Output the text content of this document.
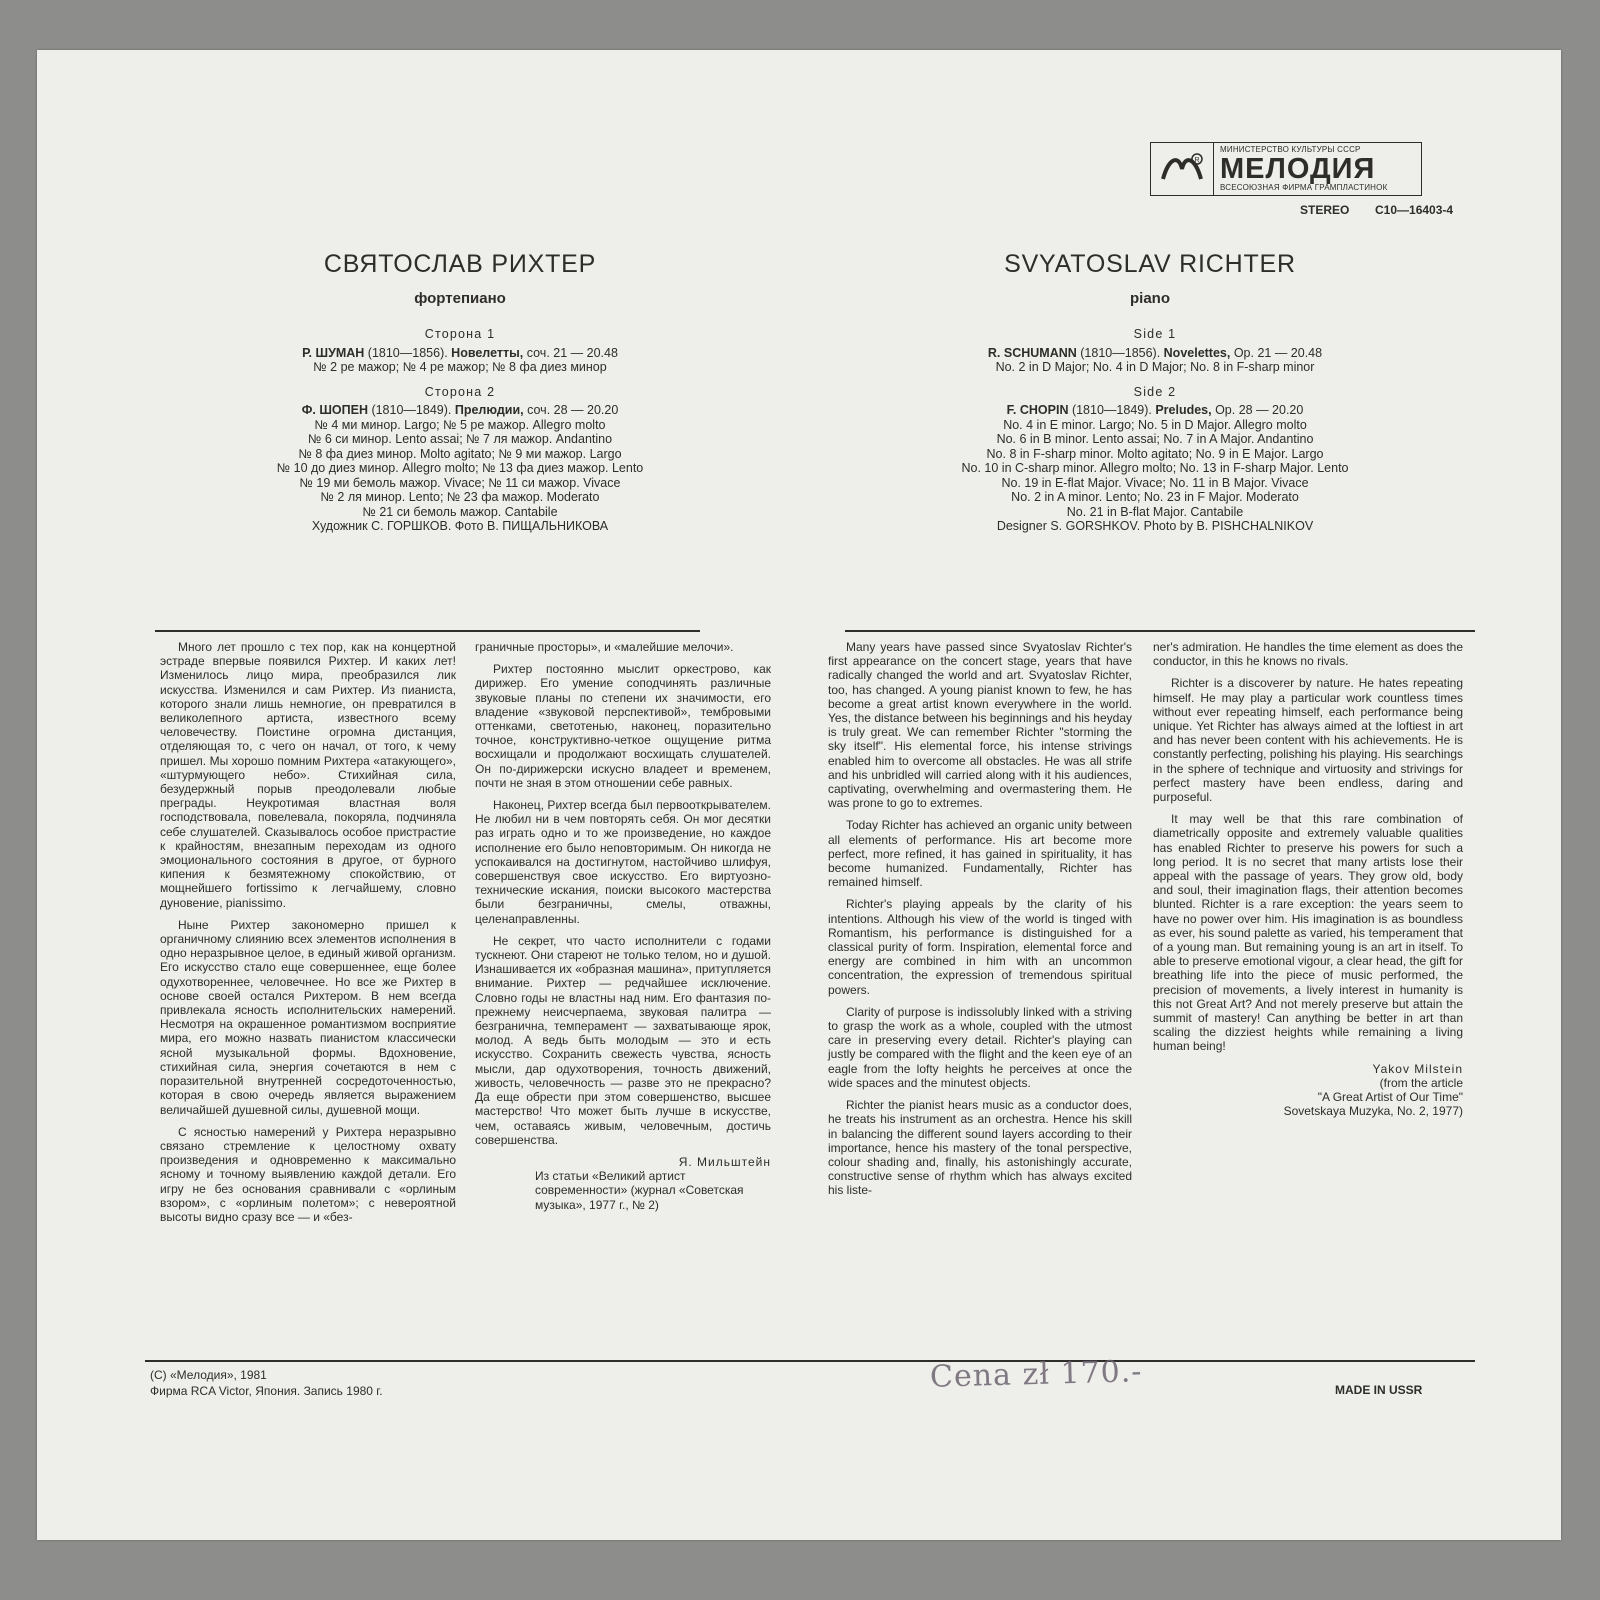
R
МИНИСТЕРСТВО КУЛЬТУРЫ СССР
МЕЛОДИЯ
ВСЕСОЮЗНАЯ ФИРМА ГРАМПЛАСТИНОК
STEREO C10—16403-4
СВЯТОСЛАВ РИХТЕР
фортепиано
Сторона 1
Р. ШУМАН (1810—1856). Новелетты, соч. 21 — 20.48
№ 2 ре мажор; № 4 ре мажор; № 8 фа диез минор
Сторона 2
Ф. ШОПЕН (1810—1849). Прелюдии, соч. 28 — 20.20
№ 4 ми минор. Largo; № 5 ре мажор. Allegro molto
№ 6 си минор. Lento assai; № 7 ля мажор. Andantino
№ 8 фа диез минор. Molto agitato; № 9 ми мажор. Largo
№ 10 до диез минор. Allegro molto; № 13 фа диез мажор. Lento
№ 19 ми бемоль мажор. Vivace; № 11 си мажор. Vivace
№ 2 ля минор. Lento; № 23 фа мажор. Moderato
№ 21 си бемоль мажор. Cantabile
Художник С. ГОРШКОВ. Фото В. ПИЩАЛЬНИКОВА
SVYATOSLAV RICHTER
piano
Side 1
R. SCHUMANN (1810—1856). Novelettes, Op. 21 — 20.48
No. 2 in D Major; No. 4 in D Major; No. 8 in F-sharp minor
Side 2
F. CHOPIN (1810—1849). Preludes, Op. 28 — 20.20
No. 4 in E minor. Largo; No. 5 in D Major. Allegro molto
No. 6 in B minor. Lento assai; No. 7 in A Major. Andantino
No. 8 in F-sharp minor. Molto agitato; No. 9 in E Major. Largo
No. 10 in C-sharp minor. Allegro molto; No. 13 in F-sharp Major. Lento
No. 19 in E-flat Major. Vivace; No. 11 in B Major. Vivace
No. 2 in A minor. Lento; No. 23 in F Major. Moderato
No. 21 in B-flat Major. Cantabile
Designer S. GORSHKOV. Photo by B. PISHCHALNIKOV

Много лет прошло с тех пор, как на концертной эстраде впервые появился Рихтер. И каких лет! Изменилось лицо мира, преобразился лик искусства. Изменился и сам Рихтер. Из пианиста, которого знали лишь немногие, он превратился в великолепного артиста, известного всему человечеству. Поистине огромна дистанция, отделяющая то, с чего он начал, от того, к чему пришел. Мы хорошо помним Рихтера «атакующего», «штурмующего небо». Стихийная сила, безудержный порыв преодолевали любые преграды. Неукротимая властная воля господствовала, повелевала, покоряла, подчиняла себе слушателей. Сказывалось особое пристрастие к крайностям, внезапным переходам из одного эмоционального состояния в другое, от бурного кипения к безмятежному спокойствию, от мощнейшего fortissimo к легчайшему, словно дуновение, pianissimo.

Ныне Рихтер закономерно пришел к органичному слиянию всех элементов исполнения в одно неразрывное целое, в единый живой организм. Его искусство стало еще совершеннее, еще более одухотвореннее, человечнее. Но все же Рихтер в основе своей остался Рихтером. В нем всегда привлекала ясность исполнительских намерений. Несмотря на окрашенное романтизмом восприятие мира, его можно назвать пианистом классически ясной музыкальной формы. Вдохновение, стихийная сила, энергия сочетаются в нем с поразительной внутренней сосредоточенностью, которая в свою очередь является выражением величайшей душевной силы, душевной мощи.

С ясностью намерений у Рихтера неразрывно связано стремление к целостному охвату произведения и одновременно к максимально ясному и точному выявлению каждой детали. Его игру не без основания сравнивали с «орлиным взором», с «орлиным полетом»; с невероятной высоты видно сразу все — и «без-

граничные просторы», и «малейшие мелочи».

Рихтер постоянно мыслит оркестрово, как дирижер. Его умение соподчинять различные звуковые планы по степени их значимости, его владение «звуковой перспективой», тембровыми оттенками, светотенью, наконец, поразительно точное, конструктивно-четкое ощущение ритма восхищали и продолжают восхищать слушателей. Он по-дирижерски искусно владеет и временем, почти не зная в этом отношении себе равных.

Наконец, Рихтер всегда был первооткрывателем. Не любил ни в чем повторять себя. Он мог десятки раз играть одно и то же произведение, но каждое исполнение его было неповторимым. Он никогда не успокаивался на достигнутом, настойчиво шлифуя, совершенствуя свое искусство. Его виртуозно-технические искания, поиски высокого мастерства были безграничны, смелы, отважны, целенаправленны.

Не секрет, что часто исполнители с годами тускнеют. Они стареют не только телом, но и душой. Изнашивается их «образная машина», притупляется внимание. Рихтер — редчайшее исключение. Словно годы не властны над ним. Его фантазия по-прежнему неисчерпаема, звуковая палитра — безгранична, темперамент — захватывающе ярок, молод. А ведь быть молодым — это и есть искусство. Сохранить свежесть чувства, ясность мысли, дар одухотворения, точность движений, живость, человечность — разве это не прекрасно? Да еще обрести при этом совершенство, высшее мастерство! Что может быть лучше в искусстве, чем, оставаясь живым, человечным, достичь совершенства.

Я. Мильштейн
Из статьи «Великий артист современности» (журнал «Советская музыка», 1977 г., № 2)

Many years have passed since Svyatoslav Richter's first appearance on the concert stage, years that have radically changed the world and art. Svyatoslav Richter, too, has changed. A young pianist known to few, he has become a great artist known everywhere in the world. Yes, the distance between his beginnings and his heyday is truly great. We can remember Richter "storming the sky itself". His elemental force, his intense strivings enabled him to overcome all obstacles. He was all strife and his unbridled will carried along with it his audiences, captivating, overwhelming and overmastering them. He was prone to go to extremes.

Today Richter has achieved an organic unity between all elements of performance. His art become more perfect, more refined, it has gained in spirituality, it has become humanized. Fundamentally, Richter has remained himself.

Richter's playing appeals by the clarity of his intentions. Although his view of the world is tinged with Romantism, his performance is distinguished for a classical purity of form. Inspiration, elemental force and energy are combined in him with an uncommon concentration, the expression of tremendous spiritual powers.

Clarity of purpose is indissolubly linked with a striving to grasp the work as a whole, coupled with the utmost care in preserving every detail. Richter's playing can justly be compared with the flight and the keen eye of an eagle from the lofty heights he perceives at once the wide spaces and the minutest objects.

Richter the pianist hears music as a conductor does, he treats his instrument as an orchestra. Hence his skill in balancing the different sound layers according to their importance, hence his mastery of the tonal perspective, colour shading and, finally, his astonishingly accurate, constructive sense of rhythm which has always excited his liste-

ner's admiration. He handles the time element as does the conductor, in this he knows no rivals.

Richter is a discoverer by nature. He hates repeating himself. He may play a particular work countless times without ever repeating himself, each performance being unique. Yet Richter has always aimed at the loftiest in art and has never been content with his achievements. He is constantly perfecting, polishing his playing. His searchings in the sphere of technique and virtuosity and strivings for perfect mastery have been endless, daring and purposeful.

It may well be that this rare combination of diametrically opposite and extremely valuable qualities has enabled Richter to preserve his powers for such a long period. It is no secret that many artists lose their appeal with the passage of years. They grow old, body and soul, their imagination flags, their attention becomes blunted. Richter is a rare exception: the years seem to have no power over him. His imagination is as boundless as ever, his sound palette as varied, his temperament that of a young man. But remaining young is an art in itself. To able to preserve emotional vigour, a clear head, the gift for breathing life into the piece of music performed, the precision of movements, a lively interest in humanity is this not Great Art? And not merely preserve but attain the summit of mastery! Can anything be better in art than scaling the dizziest heights while remaining a living human being!

Yakov Milstein
(from the article
"A Great Artist of Our Time"
Sovetskaya Muzyka, No. 2, 1977)
(С) «Мелодия», 1981
Фирма RCA Victor, Япония. Запись 1980 г.	MADE IN USSR
Cena zł 170.-
